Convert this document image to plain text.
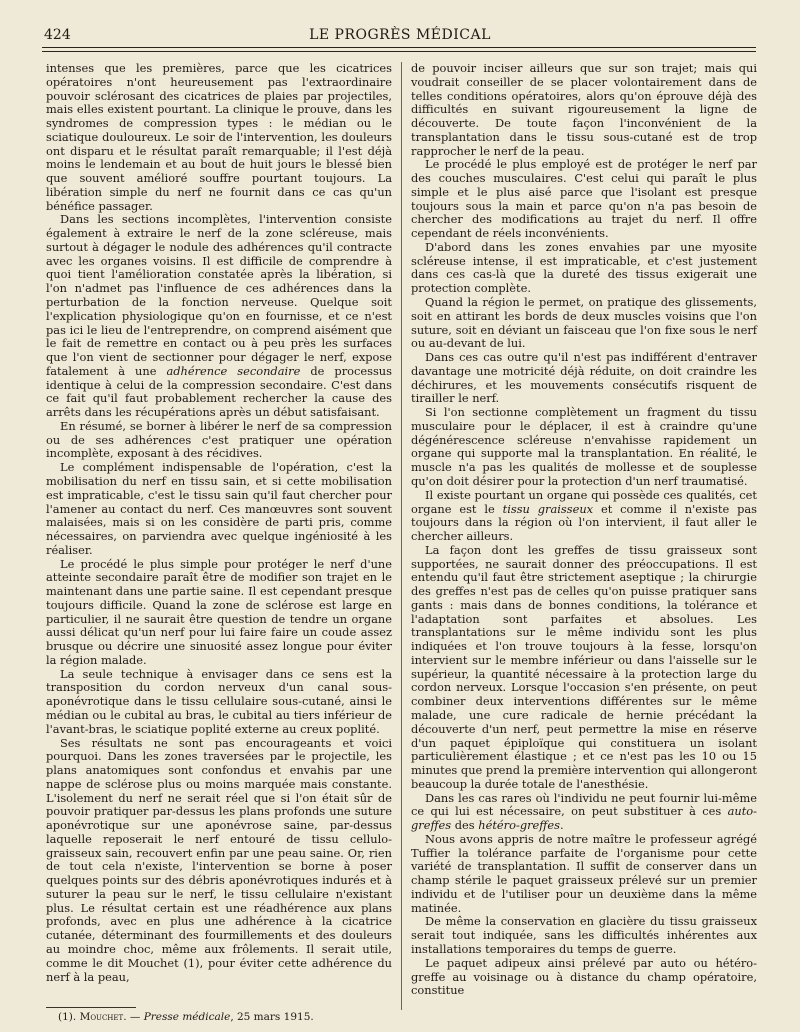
424	LE PROGRÈS MÉDICAL

intenses que les premières, parce que les cicatrices opératoires n'ont heureusement pas l'extraordinaire pouvoir sclérosant des cicatrices de plaies par projectiles, mais elles existent pourtant. La clinique le prouve, dans les syndromes de compression types : le médian ou le sciatique douloureux. Le soir de l'intervention, les douleurs ont disparu et le résultat paraît remarquable; il l'est déjà moins le lendemain et au bout de huit jours le blessé bien que souvent amélioré souffre pourtant toujours. La libération simple du nerf ne fournit dans ce cas qu'un bénéfice passager.

Dans les sections incomplètes, l'intervention consiste également à extraire le nerf de la zone scléreuse, mais surtout à dégager le nodule des adhérences qu'il contracte avec les organes voisins. Il est difficile de comprendre à quoi tient l'amélioration constatée après la libération, si l'on n'admet pas l'influence de ces adhérences dans la perturbation de la fonction nerveuse. Quelque soit l'explication physiologique qu'on en fournisse, et ce n'est pas ici le lieu de l'entreprendre, on comprend aisément que le fait de remettre en contact ou à peu près les surfaces que l'on vient de sectionner pour dégager le nerf, expose fatalement à une adhérence secondaire de processus identique à celui de la compression secondaire. C'est dans ce fait qu'il faut probablement rechercher la cause des arrêts dans les récupérations après un début satisfaisant.

En résumé, se borner à libérer le nerf de sa compression ou de ses adhérences c'est pratiquer une opération incomplète, exposant à des récidives.

Le complément indispensable de l'opération, c'est la mobilisation du nerf en tissu sain, et si cette mobilisation est impraticable, c'est le tissu sain qu'il faut chercher pour l'amener au contact du nerf. Ces manœuvres sont souvent malaisées, mais si on les considère de parti pris, comme nécessaires, on parviendra avec quelque ingéniosité à les réaliser.

Le procédé le plus simple pour protéger le nerf d'une atteinte secondaire paraît être de modifier son trajet en le maintenant dans une partie saine. Il est cependant presque toujours difficile. Quand la zone de sclérose est large en particulier, il ne saurait être question de tendre un organe aussi délicat qu'un nerf pour lui faire faire un coude assez brusque ou décrire une sinuosité assez longue pour éviter la région malade.

La seule technique à envisager dans ce sens est la transposition du cordon nerveux d'un canal sous-aponévrotique dans le tissu cellulaire sous-cutané, ainsi le médian ou le cubital au bras, le cubital au tiers inférieur de l'avant-bras, le sciatique poplité externe au creux poplité.

Ses résultats ne sont pas encourageants et voici pourquoi. Dans les zones traversées par le projectile, les plans anatomiques sont confondus et envahis par une nappe de sclérose plus ou moins marquée mais constante. L'isolement du nerf ne serait réel que si l'on était sûr de pouvoir pratiquer par-dessus les plans profonds une suture aponévrotique sur une aponévrose saine, par-dessus laquelle reposerait le nerf entouré de tissu cellulo-graisseux sain, recouvert enfin par une peau saine. Or, rien de tout cela n'existe, l'intervention se borne à poser quelques points sur des débris aponévrotiques indurés et à suturer la peau sur le nerf, le tissu cellulaire n'existant plus. Le résultat certain est une réadhérence aux plans profonds, avec en plus une adhérence à la cicatrice cutanée, déterminant des fourmillements et des douleurs au moindre choc, même aux frôlements. Il serait utile, comme le dit Mouchet (1), pour éviter cette adhérence du nerf à la peau,

de pouvoir inciser ailleurs que sur son trajet; mais qui voudrait conseiller de se placer volontairement dans de telles conditions opératoires, alors qu'on éprouve déjà des difficultés en suivant rigoureusement la ligne de découverte. De toute façon l'inconvénient de la transplantation dans le tissu sous-cutané est de trop rapprocher le nerf de la peau.

Le procédé le plus employé est de protéger le nerf par des couches musculaires. C'est celui qui paraît le plus simple et le plus aisé parce que l'isolant est presque toujours sous la main et parce qu'on n'a pas besoin de chercher des modifications au trajet du nerf. Il offre cependant de réels inconvénients.

D'abord dans les zones envahies par une myosite scléreuse intense, il est impraticable, et c'est justement dans ces cas-là que la dureté des tissus exigerait une protection complète.

Quand la région le permet, on pratique des glissements, soit en attirant les bords de deux muscles voisins que l'on suture, soit en déviant un faisceau que l'on fixe sous le nerf ou au-devant de lui.

Dans ces cas outre qu'il n'est pas indifférent d'entraver davantage une motricité déjà réduite, on doit craindre les déchirures, et les mouvements consécutifs risquent de tirailler le nerf.

Si l'on sectionne complètement un fragment du tissu musculaire pour le déplacer, il est à craindre qu'une dégénérescence scléreuse n'envahisse rapidement un organe qui supporte mal la transplantation. En réalité, le muscle n'a pas les qualités de mollesse et de souplesse qu'on doit désirer pour la protection d'un nerf traumatisé.

Il existe pourtant un organe qui possède ces qualités, cet organe est le tissu graisseux et comme il n'existe pas toujours dans la région où l'on intervient, il faut aller le chercher ailleurs.

La façon dont les greffes de tissu graisseux sont supportées, ne saurait donner des préoccupations. Il est entendu qu'il faut être strictement aseptique ; la chirurgie des greffes n'est pas de celles qu'on puisse pratiquer sans gants : mais dans de bonnes conditions, la tolérance et l'adaptation sont parfaites et absolues. Les transplantations sur le même individu sont les plus indiquées et l'on trouve toujours à la fesse, lorsqu'on intervient sur le membre inférieur ou dans l'aisselle sur le supérieur, la quantité nécessaire à la protection large du cordon nerveux. Lorsque l'occasion s'en présente, on peut combiner deux interventions différentes sur le même malade, une cure radicale de hernie précédant la découverte d'un nerf, peut permettre la mise en réserve d'un paquet épiploïque qui constituera un isolant particulièrement élastique ; et ce n'est pas les 10 ou 15 minutes que prend la première intervention qui allongeront beaucoup la durée totale de l'anesthésie.

Dans les cas rares où l'individu ne peut fournir lui-même ce qui lui est nécessaire, on peut substituer à ces auto-greffes des hétéro-greffes.

Nous avons appris de notre maître le professeur agrégé Tuffier la tolérance parfaite de l'organisme pour cette variété de transplantation. Il suffit de conserver dans un champ stérile le paquet graisseux prélevé sur un premier individu et de l'utiliser pour un deuxième dans la même matinée.

De même la conservation en glacière du tissu graisseux serait tout indiquée, sans les difficultés inhérentes aux installations temporaires du temps de guerre.

Le paquet adipeux ainsi prélevé par auto ou hétéro-greffe au voisinage ou à distance du champ opératoire, constitue

(1). Mouchet. — Presse médicale, 25 mars 1915.
